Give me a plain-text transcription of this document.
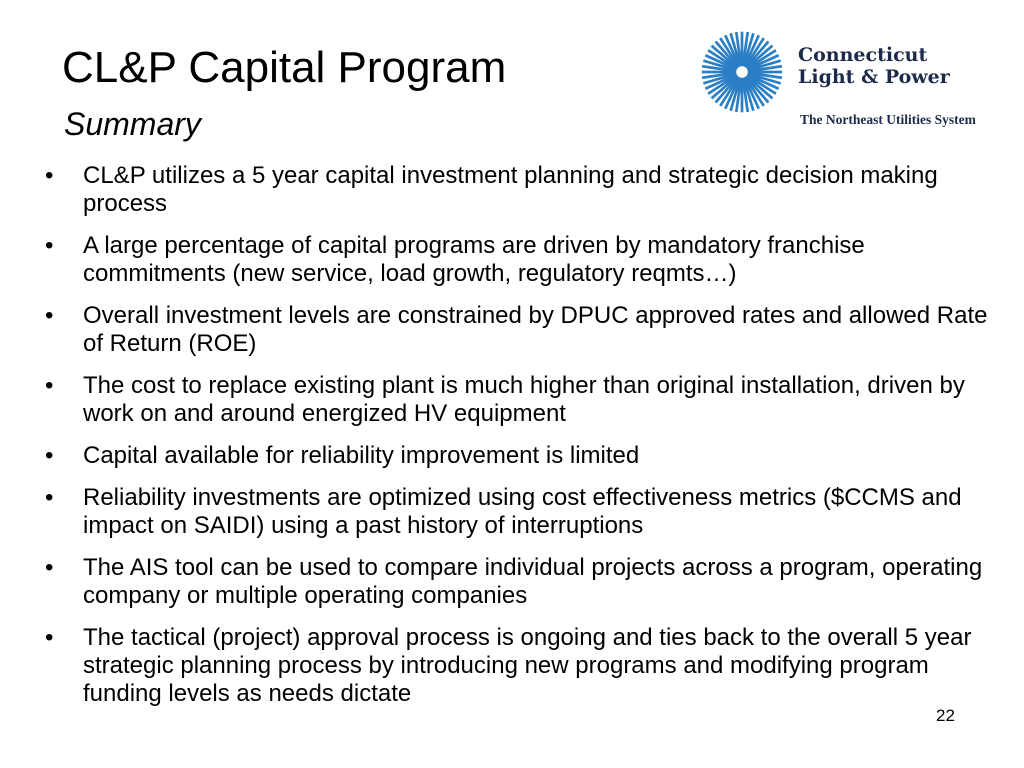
CL&P Capital Program
Summary
Connecticut
Light & Power
The Northeast Utilities System
• CL&P utilizes a 5 year capital investment planning and strategic decision making process
• A large percentage of capital programs are driven by mandatory franchise commitments (new service, load growth, regulatory reqmts…)
• Overall investment levels are constrained by DPUC approved rates and allowed Rate of Return (ROE)
• The cost to replace existing plant is much higher than original installation, driven by work on and around energized HV equipment
• Capital available for reliability improvement is limited
• Reliability investments are optimized using cost effectiveness metrics ($CCMS and impact on SAIDI) using a past history of interruptions
• The AIS tool can be used to compare individual projects across a program, operating company or multiple operating companies
• The tactical (project) approval process is ongoing and ties back to the overall 5 year strategic planning process by introducing new programs and modifying program funding levels as needs dictate
22
